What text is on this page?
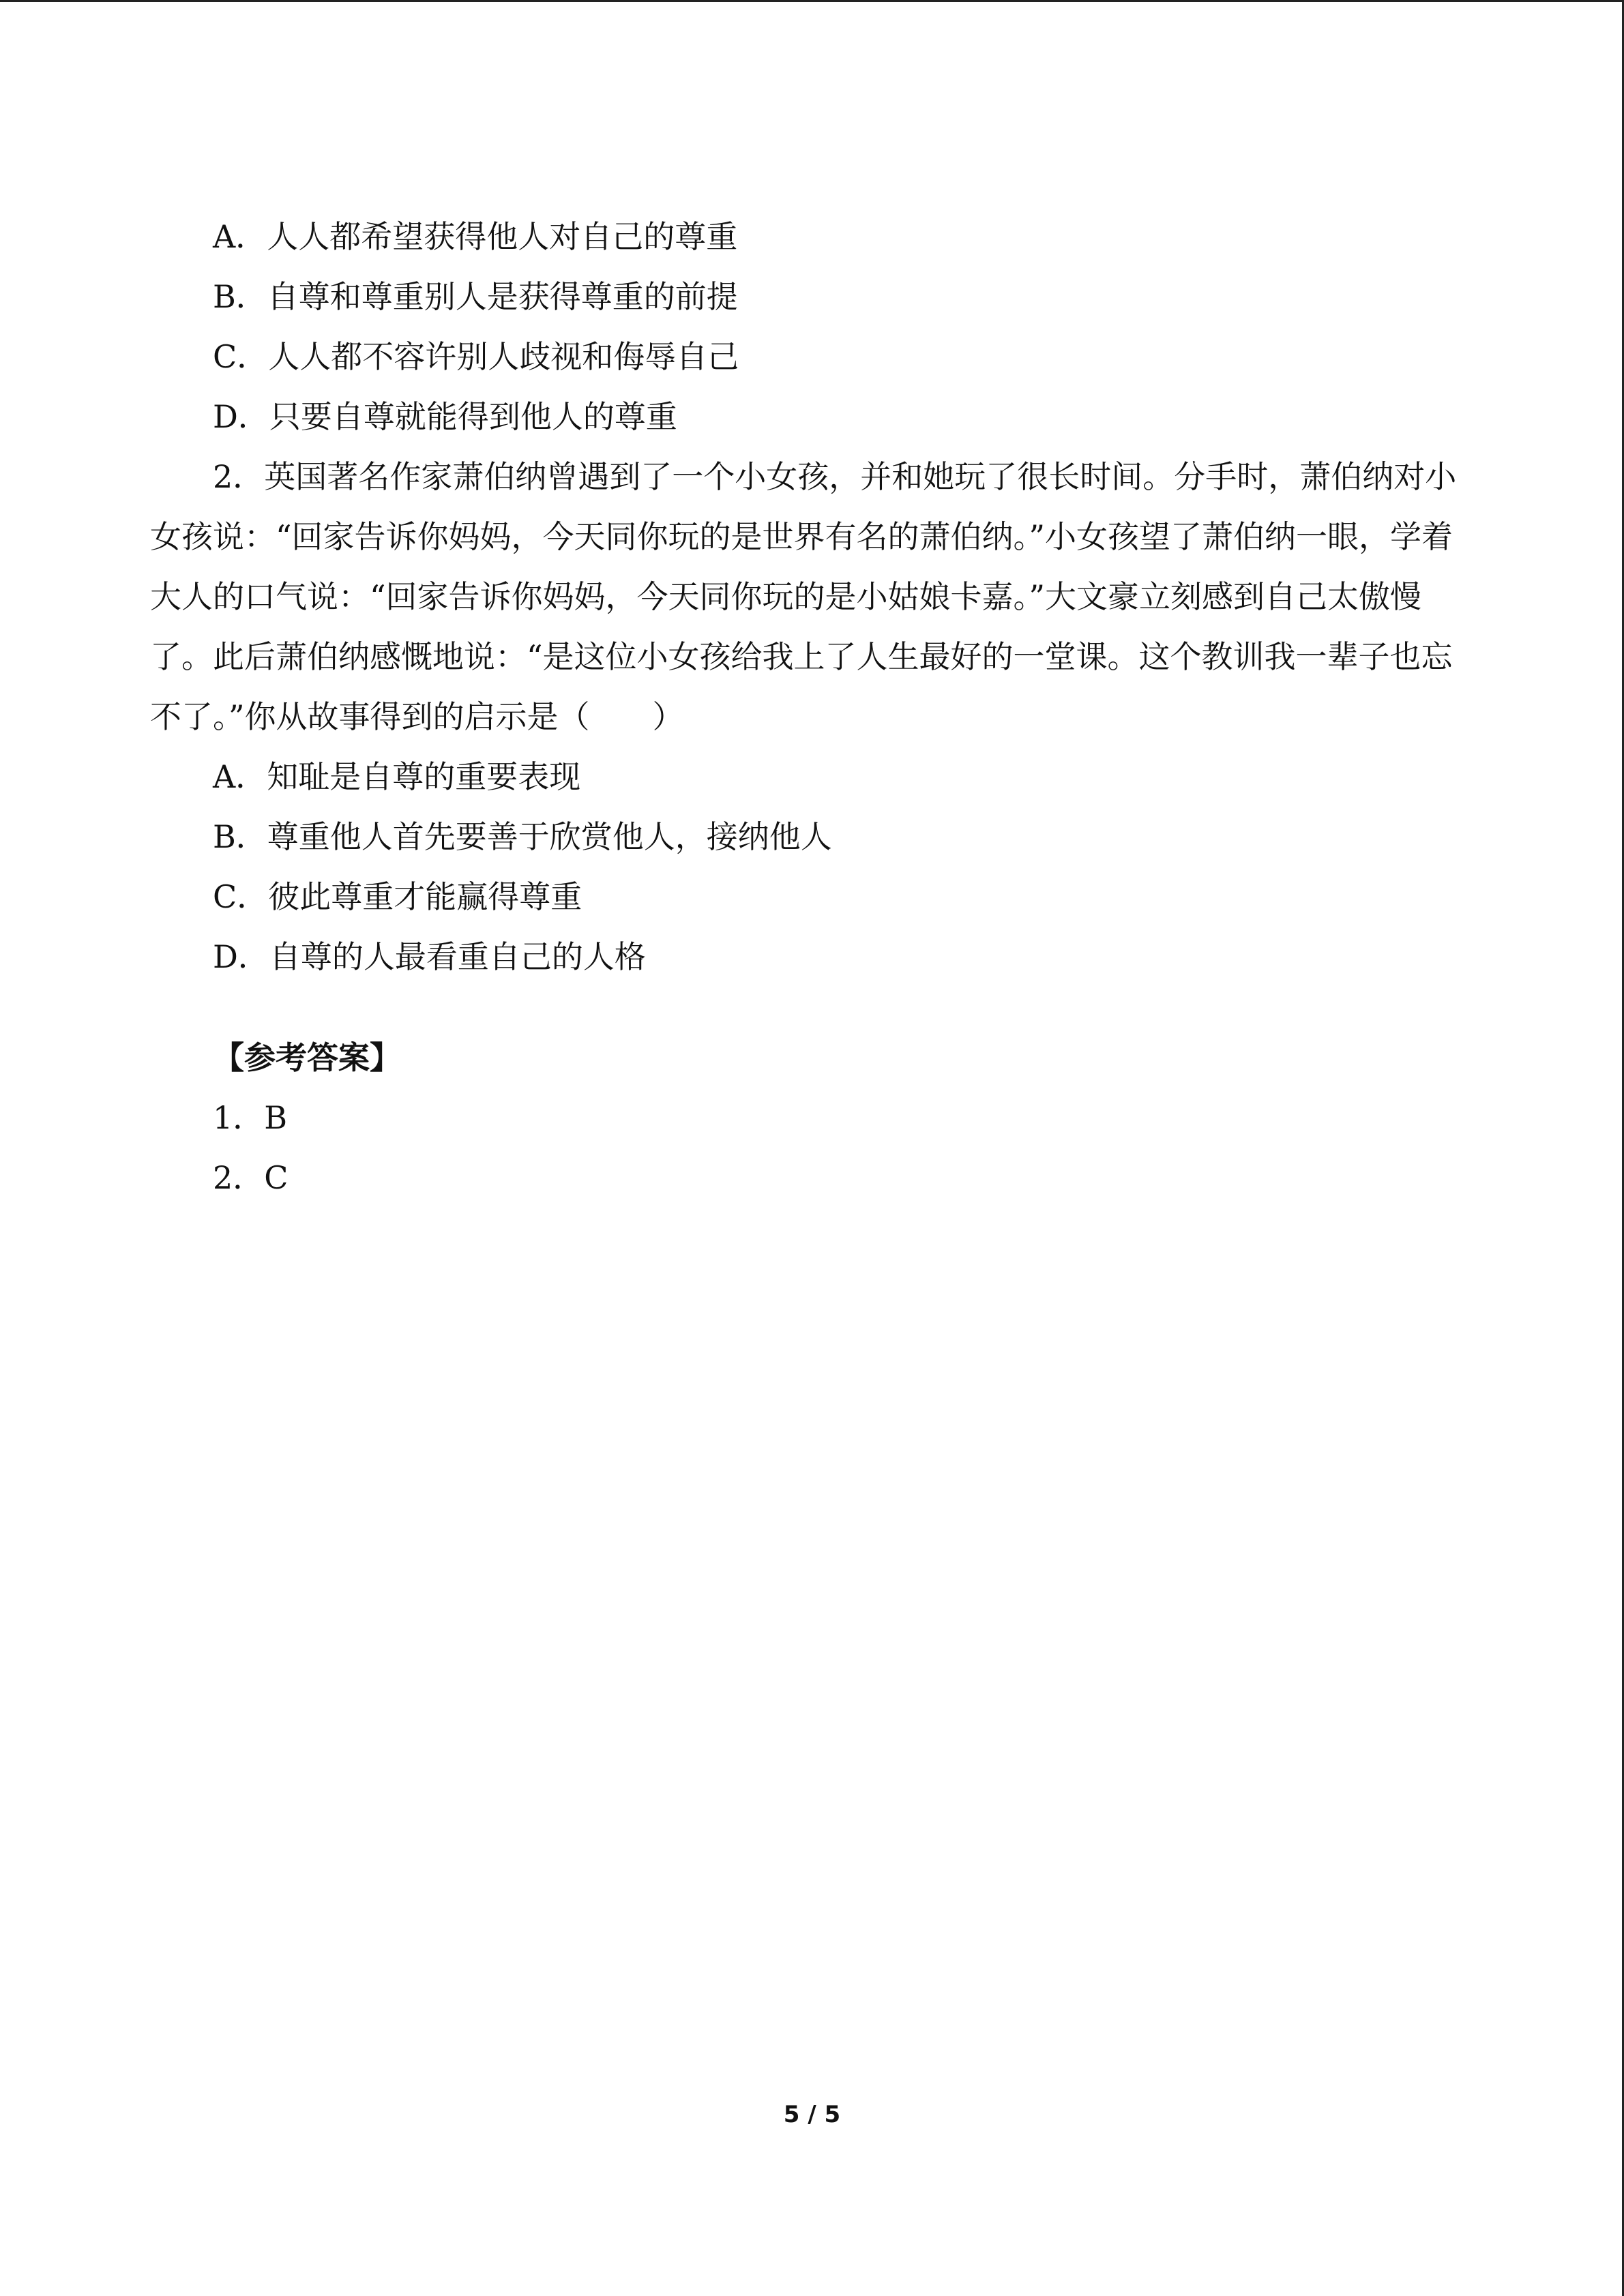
A．人人都希望获得他人对自己的尊重
B．自尊和尊重别人是获得尊重的前提
C．人人都不容许别人歧视和侮辱自己
D．只要自尊就能得到他人的尊重
2．英国著名作家萧伯纳曾遇到了一个小女孩，并和她玩了很长时间。分手时，萧伯纳对小女孩说：“回家告诉你妈妈，今天同你玩的是世界有名的萧伯纳。”小女孩望了萧伯纳一眼，学着大人的口气说：“回家告诉你妈妈，今天同你玩的是小姑娘卡嘉。”大文豪立刻感到自己太傲慢了。此后萧伯纳感慨地说：“是这位小女孩给我上了人生最好的一堂课。这个教训我一辈子也忘不了。”你从故事得到的启示是（　　）
A．知耻是自尊的重要表现
B．尊重他人首先要善于欣赏他人，接纳他人
C．彼此尊重才能赢得尊重
D．自尊的人最看重自己的人格
【参考答案】
1．B
2．C
5 / 5
